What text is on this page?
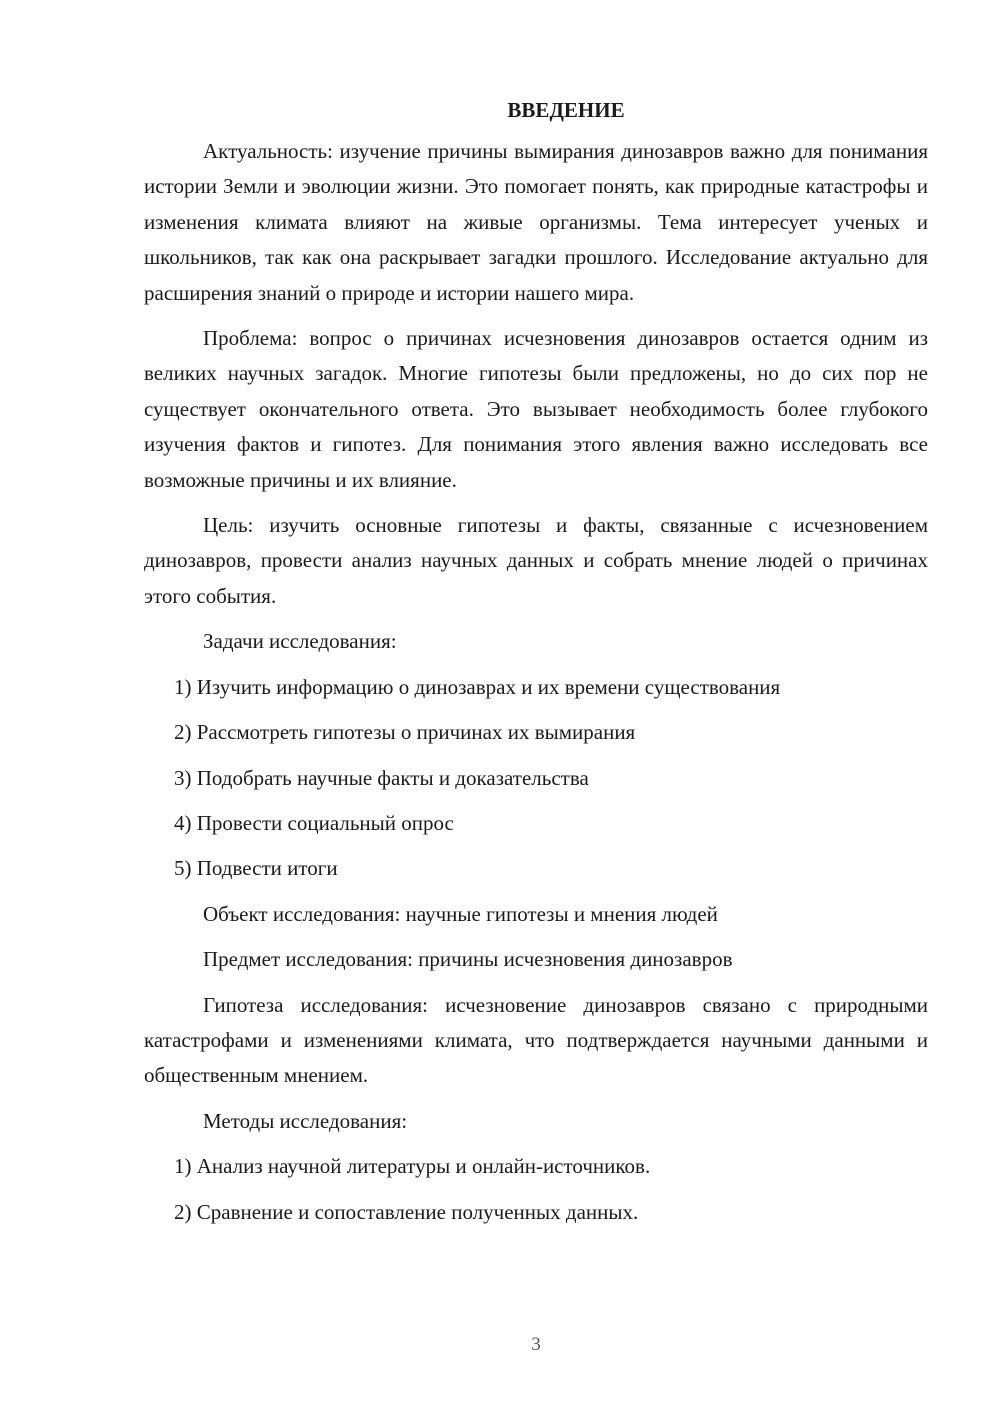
ВВЕДЕНИЕ

Актуальность: изучение причины вымирания динозавров важно для понимания истории Земли и эволюции жизни. Это помогает понять, как природные катастрофы и изменения климата влияют на живые организмы. Тема интересует ученых и школьников, так как она раскрывает загадки прошлого. Исследование актуально для расширения знаний о природе и истории нашего мира.

Проблема: вопрос о причинах исчезновения динозавров остается одним из великих научных загадок. Многие гипотезы были предложены, но до сих пор не существует окончательного ответа. Это вызывает необходимость более глубокого изучения фактов и гипотез. Для понимания этого явления важно исследовать все возможные причины и их влияние.

Цель: изучить основные гипотезы и факты, связанные с исчезновением динозавров, провести анализ научных данных и собрать мнение людей о причинах этого события.

Задачи исследования:
1) Изучить информацию о динозаврах и их времени существования
2) Рассмотреть гипотезы о причинах их вымирания
3) Подобрать научные факты и доказательства
4) Провести социальный опрос
5) Подвести итоги
Объект исследования: научные гипотезы и мнения людей
Предмет исследования: причины исчезновения динозавров

Гипотеза исследования: исчезновение динозавров связано с природными катастрофами и изменениями климата, что подтверждается научными данными и общественным мнением.

Методы исследования:
1) Анализ научной литературы и онлайн-источников.
2) Сравнение и сопоставление полученных данных.
3
